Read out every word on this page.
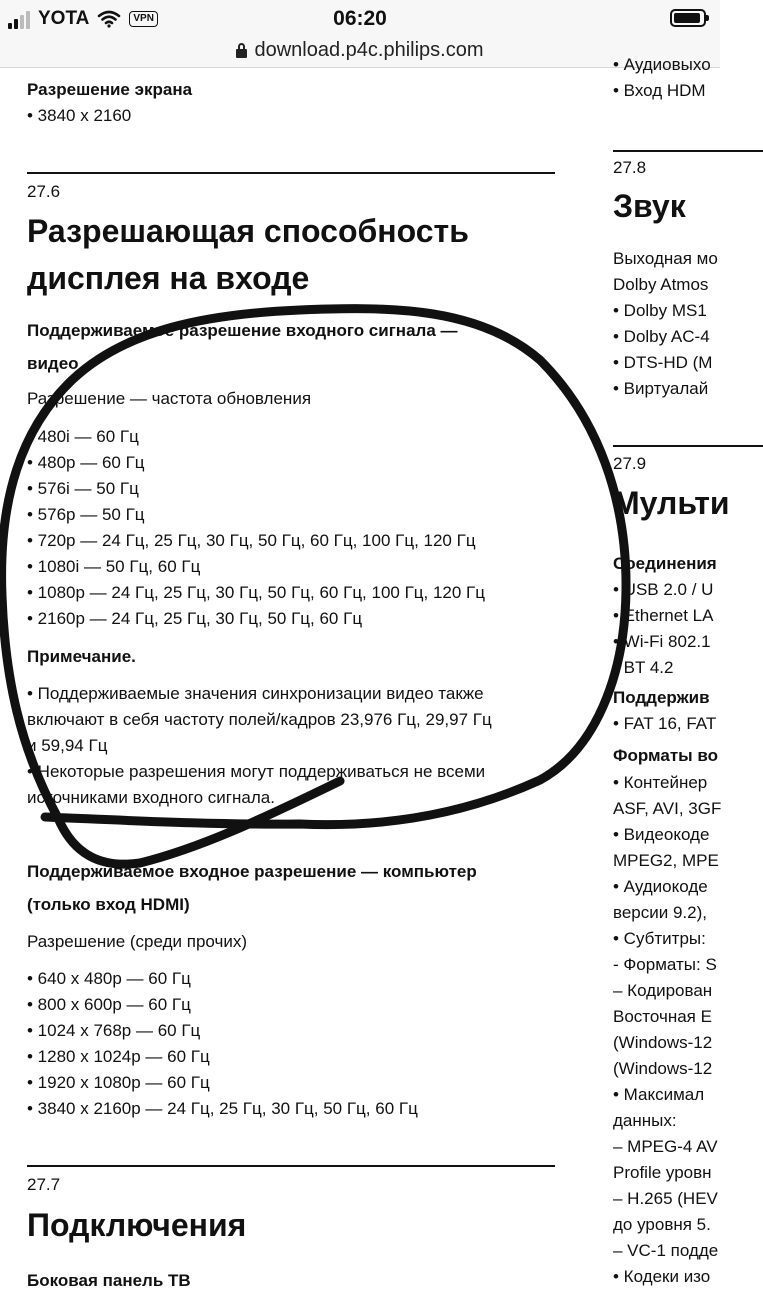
YOTA	VPN	06:20
download.p4c.philips.com

Разрешение экрана

• 3840 x 2160

27.6

Разрешающая способность
дисплея на входе

Поддерживаемое разрешение входного сигнала —

видео

Разрешение — частота обновления

• 480i — 60 Гц
• 480p — 60 Гц
• 576i — 50 Гц
• 576p — 50 Гц
• 720p — 24 Гц, 25 Гц, 30 Гц, 50 Гц, 60 Гц, 100 Гц, 120 Гц
• 1080i — 50 Гц, 60 Гц
• 1080p — 24 Гц, 25 Гц, 30 Гц, 50 Гц, 60 Гц, 100 Гц, 120 Гц
• 2160p — 24 Гц, 25 Гц, 30 Гц, 50 Гц, 60 Гц

Примечание.

• Поддерживаемые значения синхронизации видео также

включают в себя частоту полей/кадров 23,976 Гц, 29,97 Гц

и 59,94 Гц

• Некоторые разрешения могут поддерживаться не всеми

источниками входного сигнала.

Поддерживаемое входное разрешение — компьютер

(только вход HDMI)

Разрешение (среди прочих)

• 640 x 480p — 60 Гц
• 800 x 600p — 60 Гц
• 1024 x 768p — 60 Гц
• 1280 x 1024p — 60 Гц
• 1920 x 1080p — 60 Гц
• 3840 x 2160p — 24 Гц, 25 Гц, 30 Гц, 50 Гц, 60 Гц

27.7

Подключения

Боковая панель ТВ

• Аудиовыхо

• Вход HDM

27.8

Звук
Выходная мо
Dolby Atmos
• Dolby MS1
• Dolby AC-4
• DTS-HD (M
• Виртуалай

27.9

Мульти

Соединения

• USB 2.0 / U
• Ethernet LA
• Wi-Fi 802.1
• BT 4.2

Поддержив

• FAT 16, FAT

Форматы во

• Контейнер
ASF, AVI, 3GF
• Видеокоде
MPEG2, MPE
• Аудиокоде
версии 9.2),
• Субтитры:
- Форматы: S
– Кодирован
Восточная Е
(Windows-12
(Windows-12
• Максимал
данных:
– MPEG-4 AV
Profile уровн
– H.265 (HEV
до уровня 5.
– VC-1 подде
• Кодеки изо
